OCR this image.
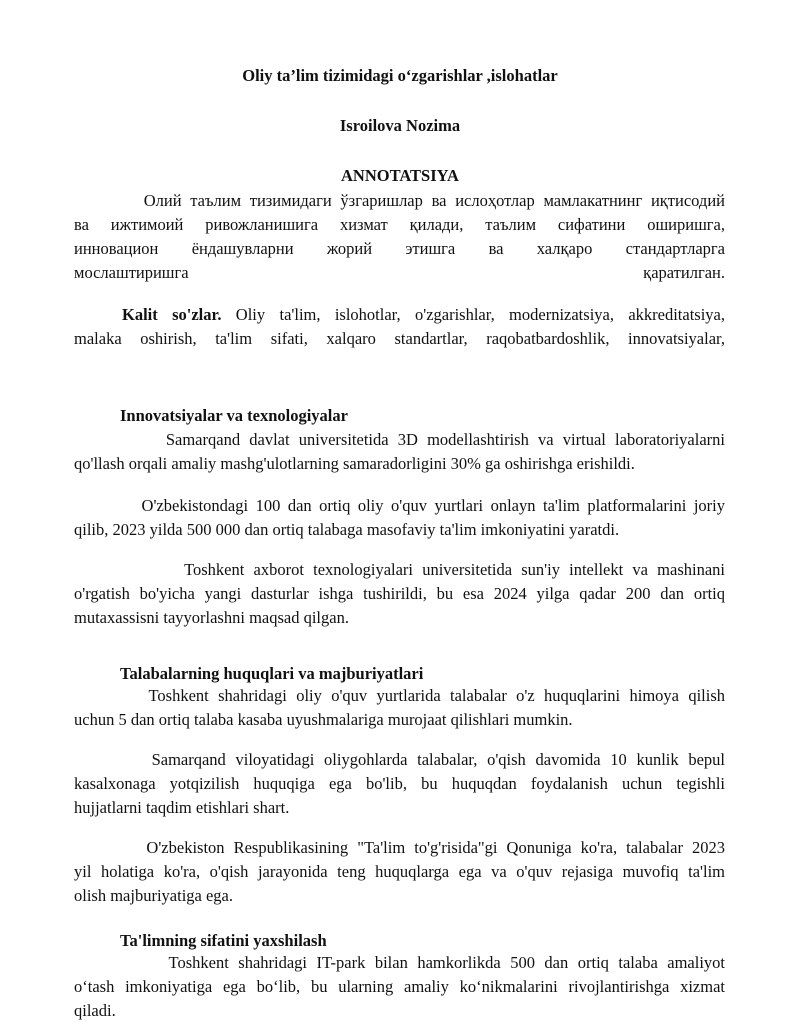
Oliy ta’lim tizimidagi o‘zgarishlar ,islohatlar
Isroilova Nozima
ANNOTATSIYA
Олий таълим тизимидаги ўзгаришлар ва ислоҳотлар мамлакатнинг иқтисодий
ва ижтимоий ривожланишига хизмат қилади, таълим сифатини оширишга,
инновацион ёндашувларни жорий этишга ва халқаро стандартларга
мослаштиришга қаратилган.
Kalit so'zlar. Oliy ta'lim, islohotlar, o'zgarishlar, modernizatsiya, akkreditatsiya,
malaka oshirish, ta'lim sifati, xalqaro standartlar, raqobatbardoshlik, innovatsiyalar,
Innovatsiyalar va texnologiyalar
Samarqand davlat universitetida 3D modellashtirish va virtual laboratoriyalarni
qo'llash orqali amaliy mashg'ulotlarning samaradorligini 30% ga oshirishga erishildi.
O'zbekistondagi 100 dan ortiq oliy o'quv yurtlari onlayn ta'lim platformalarini joriy
qilib, 2023 yilda 500 000 dan ortiq talabaga masofaviy ta'lim imkoniyatini yaratdi.
Toshkent axborot texnologiyalari universitetida sun'iy intellekt va mashinani
o'rgatish bo'yicha yangi dasturlar ishga tushirildi, bu esa 2024 yilga qadar 200 dan ortiq
mutaxassisni tayyorlashni maqsad qilgan.
Talabalarning huquqlari va majburiyatlari
Toshkent shahridagi oliy o'quv yurtlarida talabalar o'z huquqlarini himoya qilish
uchun 5 dan ortiq talaba kasaba uyushmalariga murojaat qilishlari mumkin.
Samarqand viloyatidagi oliygohlarda talabalar, o'qish davomida 10 kunlik bepul
kasalxonaga yotqizilish huquqiga ega bo'lib, bu huquqdan foydalanish uchun tegishli
hujjatlarni taqdim etishlari shart.
O'zbekiston Respublikasining "Ta'lim to'g'risida"gi Qonuniga ko'ra, talabalar 2023
yil holatiga ko'ra, o'qish jarayonida teng huquqlarga ega va o'quv rejasiga muvofiq ta'lim
olish majburiyatiga ega.
Ta'limning sifatini yaxshilash
Toshkent shahridagi IT-park bilan hamkorlikda 500 dan ortiq talaba amaliyot
o‘tash imkoniyatiga ega bo‘lib, bu ularning amaliy ko‘nikmalarini rivojlantirishga xizmat
qiladi.
